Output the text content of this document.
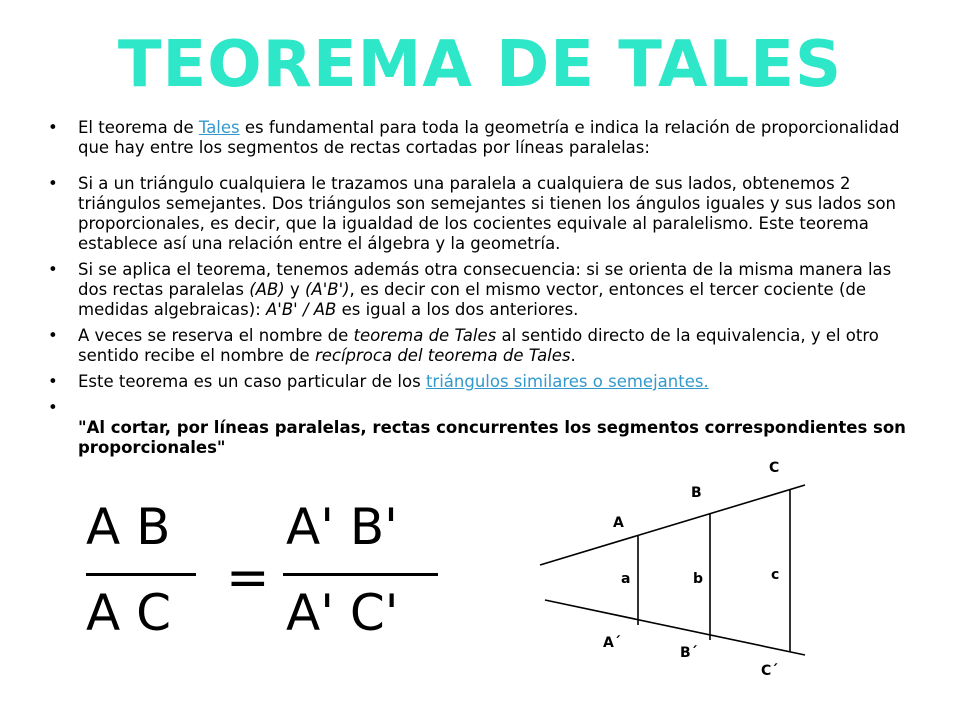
TEOREMA DE TALES
• El teorema de Tales es fundamental para toda la geometría e indica la relación de proporcionalidad que hay entre los segmentos de rectas cortadas por líneas paralelas:
• Si a un triángulo cualquiera le trazamos una paralela a cualquiera de sus lados, obtenemos 2 triángulos semejantes. Dos triángulos son semejantes si tienen los ángulos iguales y sus lados son proporcionales, es decir, que la igualdad de los cocientes equivale al paralelismo. Este teorema establece así una relación entre el álgebra y la geometría.
• Si se aplica el teorema, tenemos además otra consecuencia: si se orienta de la misma manera las dos rectas paralelas (AB) y (A'B'), es decir con el mismo vector, entonces el tercer cociente (de medidas algebraicas): A'B' / AB es igual a los dos anteriores.
• A veces se reserva el nombre de teorema de Tales al sentido directo de la equivalencia, y el otro sentido recibe el nombre de recíproca del teorema de Tales.
• Este teorema es un caso particular de los triángulos similares o semejantes.

• "Al cortar, por líneas paralelas, rectas concurrentes los segmentos correspondientes son proporcionales"
A B
A C
=
A' B'
A' C'
A
B
C
A´
B´
C´
a	b	c
